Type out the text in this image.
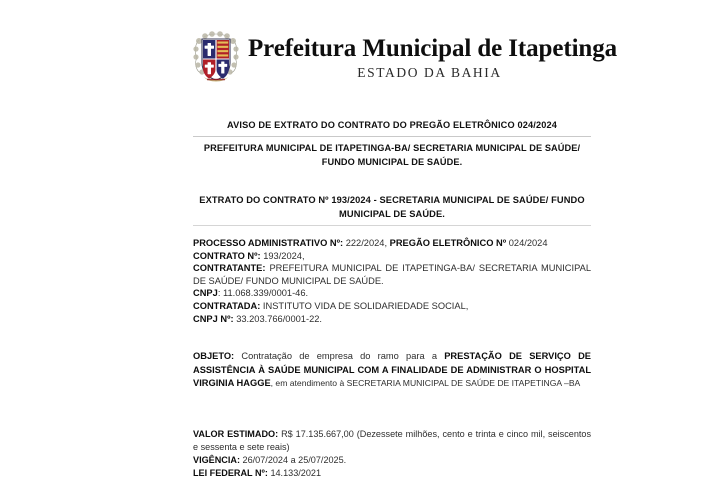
Prefeitura Municipal de Itapetinga
ESTADO DA BAHIA
AVISO DE EXTRATO DO CONTRATO DO PREGÃO ELETRÔNICO 024/2024
PREFEITURA MUNICIPAL DE ITAPETINGA-BA/ SECRETARIA MUNICIPAL DE SAÚDE/ FUNDO MUNICIPAL DE SAÚDE.
EXTRATO DO CONTRATO Nº 193/2024 - SECRETARIA MUNICIPAL DE SAÚDE/ FUNDO MUNICIPAL DE SAÚDE.
PROCESSO ADMINISTRATIVO Nº: 222/2024, PREGÃO ELETRÔNICO Nº 024/2024
CONTRATO Nº: 193/2024,
CONTRATANTE: PREFEITURA MUNICIPAL DE ITAPETINGA-BA/ SECRETARIA MUNICIPAL DE SAÚDE/ FUNDO MUNICIPAL DE SAÚDE.
CNPJ: 11.068.339/0001-46.
CONTRATADA: INSTITUTO VIDA DE SOLIDARIEDADE SOCIAL,
CNPJ Nº: 33.203.766/0001-22.
OBJETO: Contratação de empresa do ramo para a PRESTAÇÃO DE SERVIÇO DE ASSISTÊNCIA À SAÚDE MUNICIPAL COM A FINALIDADE DE ADMINISTRAR O HOSPITAL VIRGINIA HAGGE, em atendimento à SECRETARIA MUNICIPAL DE SAÚDE DE ITAPETINGA –BA
VALOR ESTIMADO: R$ 17.135.667,00 (Dezessete milhões, cento e trinta e cinco mil, seiscentos e sessenta e sete reais)
VIGÊNCIA: 26/07/2024 a 25/07/2025.
LEI FEDERAL Nº: 14.133/2021
